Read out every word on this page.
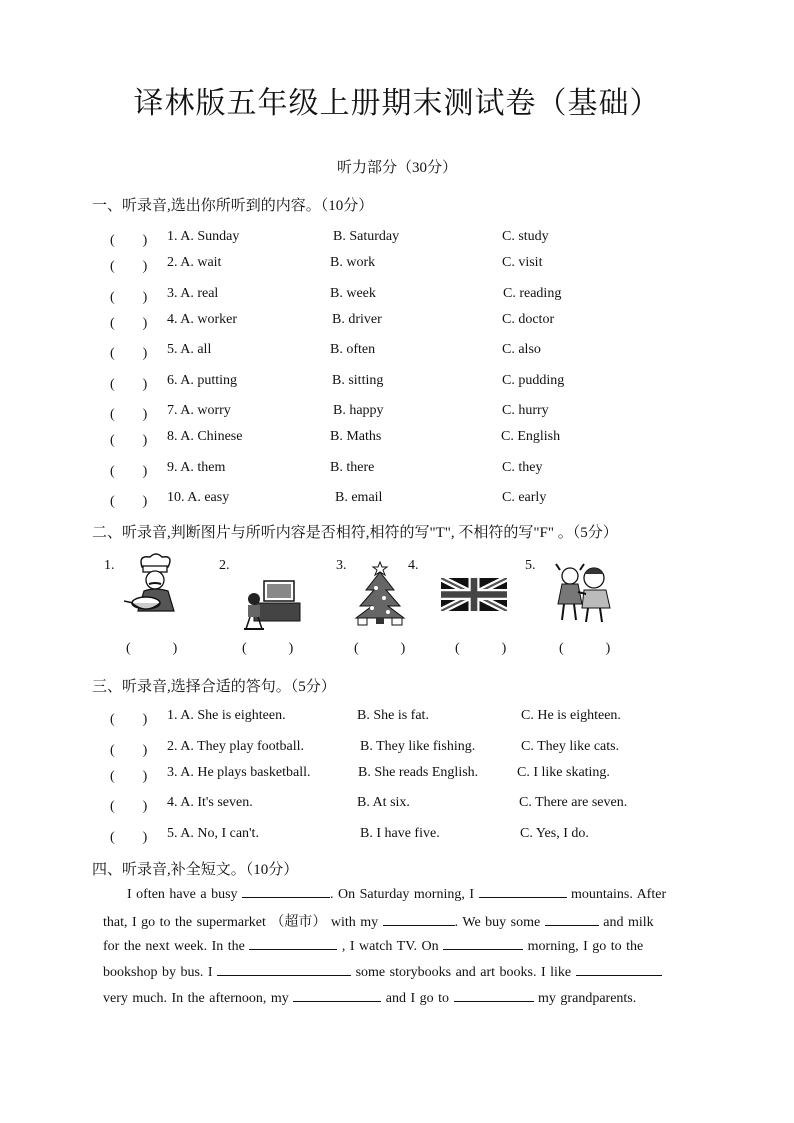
译林版五年级上册期末测试卷（基础）
听力部分（30分）
一、听录音,选出你所听到的内容。（10分）
(　　) 1. A. Sunday	B. Saturday	C. study
(　　) 2. A. wait	B. work	C. visit
(　　) 3. A. real	B. week	C. reading
(　　) 4. A. worker	B. driver	C. doctor
(　　) 5. A. all	B. often	C. also
(　　) 6. A. putting	B. sitting	C. pudding
(　　) 7. A. worry	B. happy	C. hurry
(　　) 8. A. Chinese	B. Maths	C. English
(　　) 9. A. them	B. there	C. they
(　　) 10. A. easy	B. email	C. early
二、听录音,判断图片与所听内容是否相符,相符的写"T", 不相符的写"F" 。（5分）
1.
(　　　)
2.
(　　　)
3.
(　　　)
4.
(　　　)
5.
(　　　)
三、听录音,选择合适的答句。（5分）
(　　) 1. A. She is eighteen.	B. She is fat.	C. He is eighteen.
(　　) 2. A. They play football.	B. They like fishing.	C. They like cats.
(　　) 3. A. He plays basketball.	B. She reads English.	C. I like skating.
(　　) 4. A. It's seven.	B. At six.	C. There are seven.
(　　) 5. A. No, I can't.	B. I have five.	C. Yes, I do.
四、听录音,补全短文。（10分）
I often have a busy	. On Saturday morning, I	mountains. After
that, I go to the supermarket （超市） with my	. We buy some	and milk
for the next week. In the	, I watch TV. On	morning, I go to the
bookshop by bus. I	some storybooks and art books. I like
very much. In the afternoon, my	and I go to	my grandparents.
